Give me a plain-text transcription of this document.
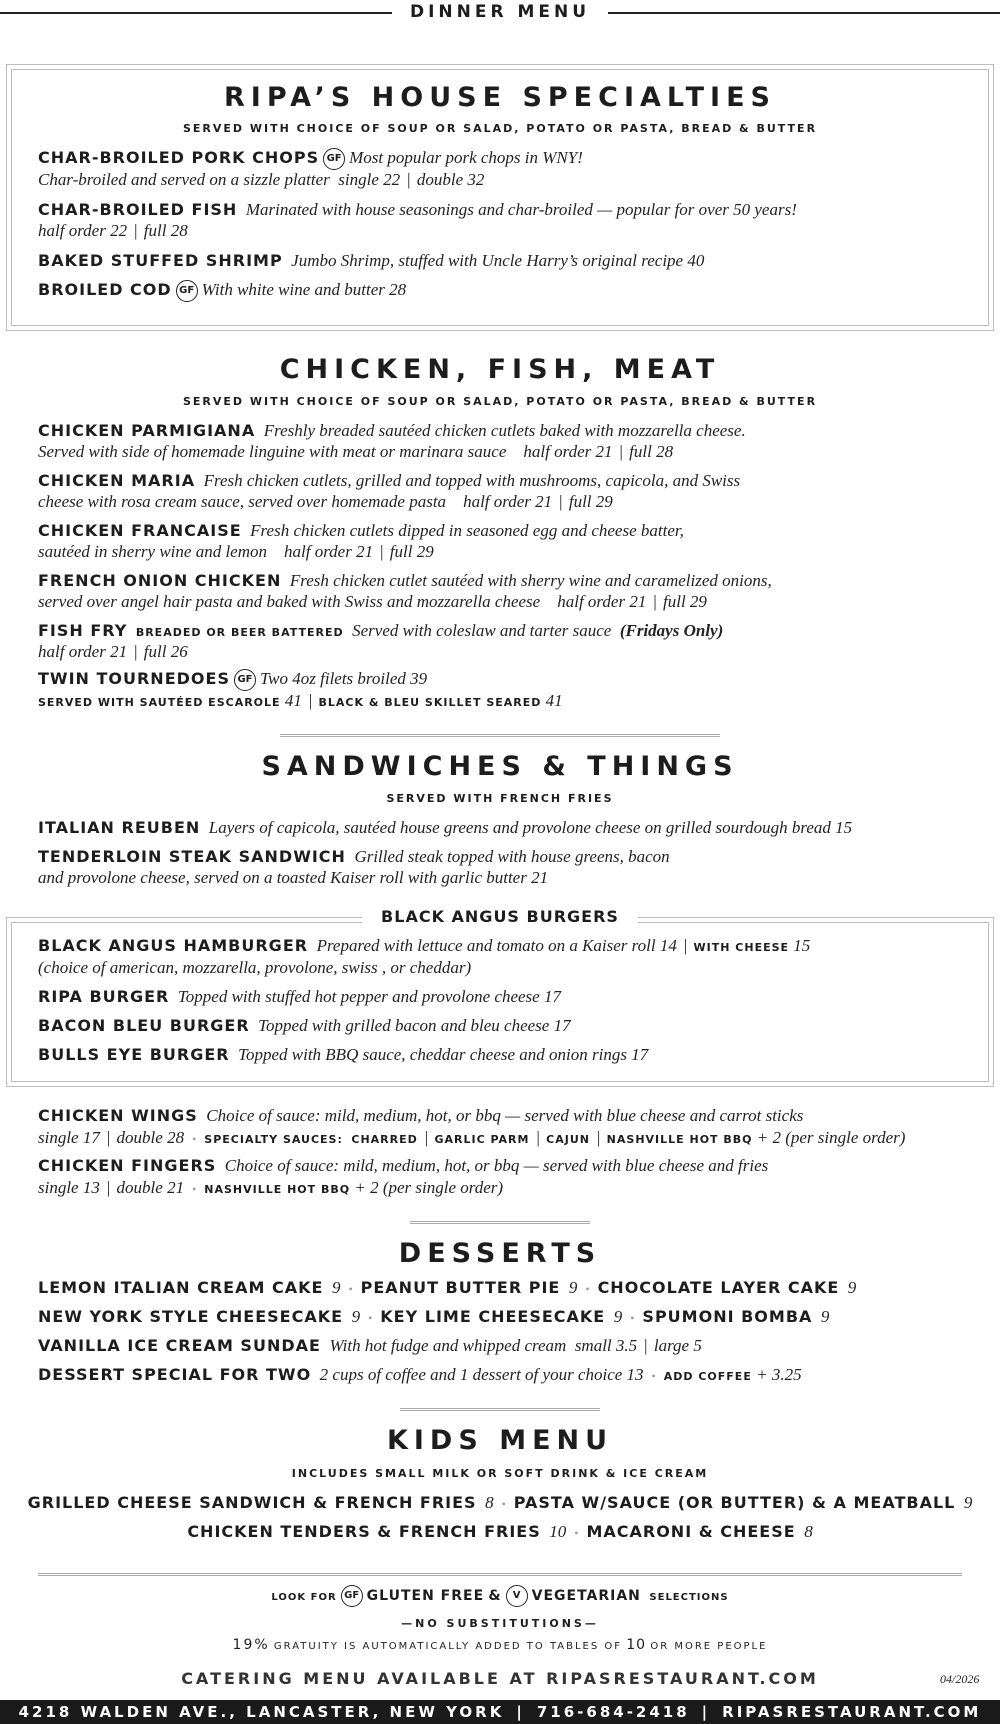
DINNER MENU
RIPA’S HOUSE SPECIALTIES
SERVED WITH CHOICE OF SOUP OR SALAD, POTATO OR PASTA, BREAD & BUTTER
CHAR-BROILED PORK CHOPS GF Most popular pork chops in WNY!
Char-broiled and served on a sizzle platter single 22 | double 32
CHAR-BROILED FISH Marinated with house seasonings and char-broiled — popular for over 50 years!
half order 22 | full 28
BAKED STUFFED SHRIMP Jumbo Shrimp, stuffed with Uncle Harry’s original recipe 40
BROILED COD GF With white wine and butter 28
CHICKEN, FISH, MEAT
SERVED WITH CHOICE OF SOUP OR SALAD, POTATO OR PASTA, BREAD & BUTTER
CHICKEN PARMIGIANA Freshly breaded sautéed chicken cutlets baked with mozzarella cheese.
Served with side of homemade linguine with meat or marinara sauce half order 21 | full 28
CHICKEN MARIA Fresh chicken cutlets, grilled and topped with mushrooms, capicola, and Swiss
cheese with rosa cream sauce, served over homemade pasta half order 21 | full 29
CHICKEN FRANCAISE Fresh chicken cutlets dipped in seasoned egg and cheese batter,
sautéed in sherry wine and lemon half order 21 | full 29
FRENCH ONION CHICKEN Fresh chicken cutlet sautéed with sherry wine and caramelized onions,
served over angel hair pasta and baked with Swiss and mozzarella cheese half order 21 | full 29
FISH FRY BREADED OR BEER BATTERED Served with coleslaw and tarter sauce (Fridays Only)
half order 21 | full 26
TWIN TOURNEDOES GF Two 4oz filets broiled 39
SERVED WITH SAUTÉED ESCAROLE 41 | BLACK & BLEU SKILLET SEARED 41
SANDWICHES & THINGS
SERVED WITH FRENCH FRIES
ITALIAN REUBEN Layers of capicola, sautéed house greens and provolone cheese on grilled sourdough bread 15
TENDERLOIN STEAK SANDWICH Grilled steak topped with house greens, bacon
and provolone cheese, served on a toasted Kaiser roll with garlic butter 21
BLACK ANGUS BURGERS
BLACK ANGUS HAMBURGER Prepared with lettuce and tomato on a Kaiser roll 14 | WITH CHEESE 15
(choice of american, mozzarella, provolone, swiss , or cheddar)
RIPA BURGER Topped with stuffed hot pepper and provolone cheese 17
BACON BLEU BURGER Topped with grilled bacon and bleu cheese 17
BULLS EYE BURGER Topped with BBQ sauce, cheddar cheese and onion rings 17
CHICKEN WINGS Choice of sauce: mild, medium, hot, or bbq — served with blue cheese and carrot sticks
single 17 | double 28 • SPECIALTY SAUCES: CHARRED | GARLIC PARM | CAJUN | NASHVILLE HOT BBQ + 2 (per single order)
CHICKEN FINGERS Choice of sauce: mild, medium, hot, or bbq — served with blue cheese and fries
single 13 | double 21 • NASHVILLE HOT BBQ + 2 (per single order)
DESSERTS
LEMON ITALIAN CREAM CAKE 9 • PEANUT BUTTER PIE 9 • CHOCOLATE LAYER CAKE 9
NEW YORK STYLE CHEESECAKE 9 • KEY LIME CHEESECAKE 9 • SPUMONI BOMBA 9
VANILLA ICE CREAM SUNDAE With hot fudge and whipped cream small 3.5 | large 5
DESSERT SPECIAL FOR TWO 2 cups of coffee and 1 dessert of your choice 13 • ADD COFFEE + 3.25
KIDS MENU
INCLUDES SMALL MILK OR SOFT DRINK & ICE CREAM
GRILLED CHEESE SANDWICH & FRENCH FRIES 8 • PASTA W/SAUCE (OR BUTTER) & A MEATBALL 9
CHICKEN TENDERS & FRENCH FRIES 10 • MACARONI & CHEESE 8
LOOK FOR GF GLUTEN FREE & V VEGETARIAN SELECTIONS
—NO SUBSTITUTIONS—
19% GRATUITY IS AUTOMATICALLY ADDED TO TABLES OF 10 OR MORE PEOPLE
CATERING MENU AVAILABLE AT RIPASRESTAURANT.COM	04/2026
4218 WALDEN AVE., LANCASTER, NEW YORK | 716-684-2418 | RIPASRESTAURANT.COM
